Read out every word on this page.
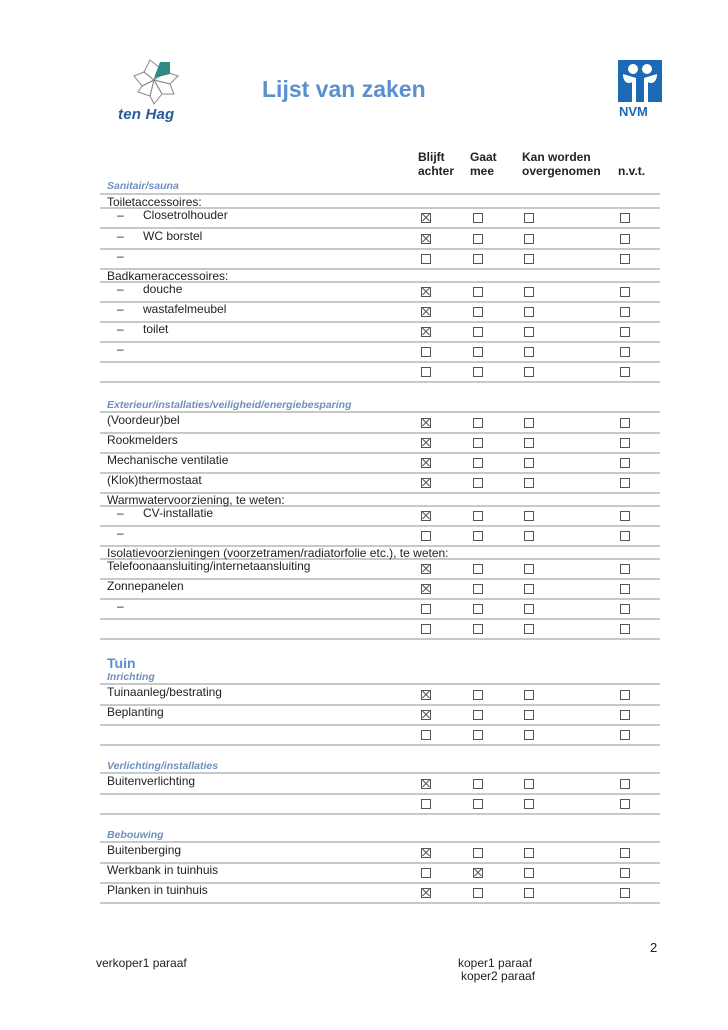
ten Hag
Lijst van zaken
NVM
Blijft
achter
Gaat
mee
Kan worden
overgenomen n.v.t.
Sanitair/sauna
Exterieur/installaties/veiligheid/energiebesparing
Tuin
Inrichting
Verlichting/installaties
Bebouwing
Toiletaccessoires:
– Closetrolhouder
– WC borstel
–
Badkameraccessoires:
– douche
– wastafelmeubel
– toilet
–
(Voordeur)bel
Rookmelders
Mechanische ventilatie
(Klok)thermostaat
Warmwatervoorziening, te weten:
– CV-installatie
–
Isolatievoorzieningen (voorzetramen/radiatorfolie etc.), te weten:
Telefoonaansluiting/internetaansluiting
Zonnepanelen
–
Tuinaanleg/bestrating
Beplanting
Buitenverlichting
Buitenberging
Werkbank in tuinhuis
Planken in tuinhuis
2
verkoper1 paraaf	koper1 paraaf
koper2 paraaf
